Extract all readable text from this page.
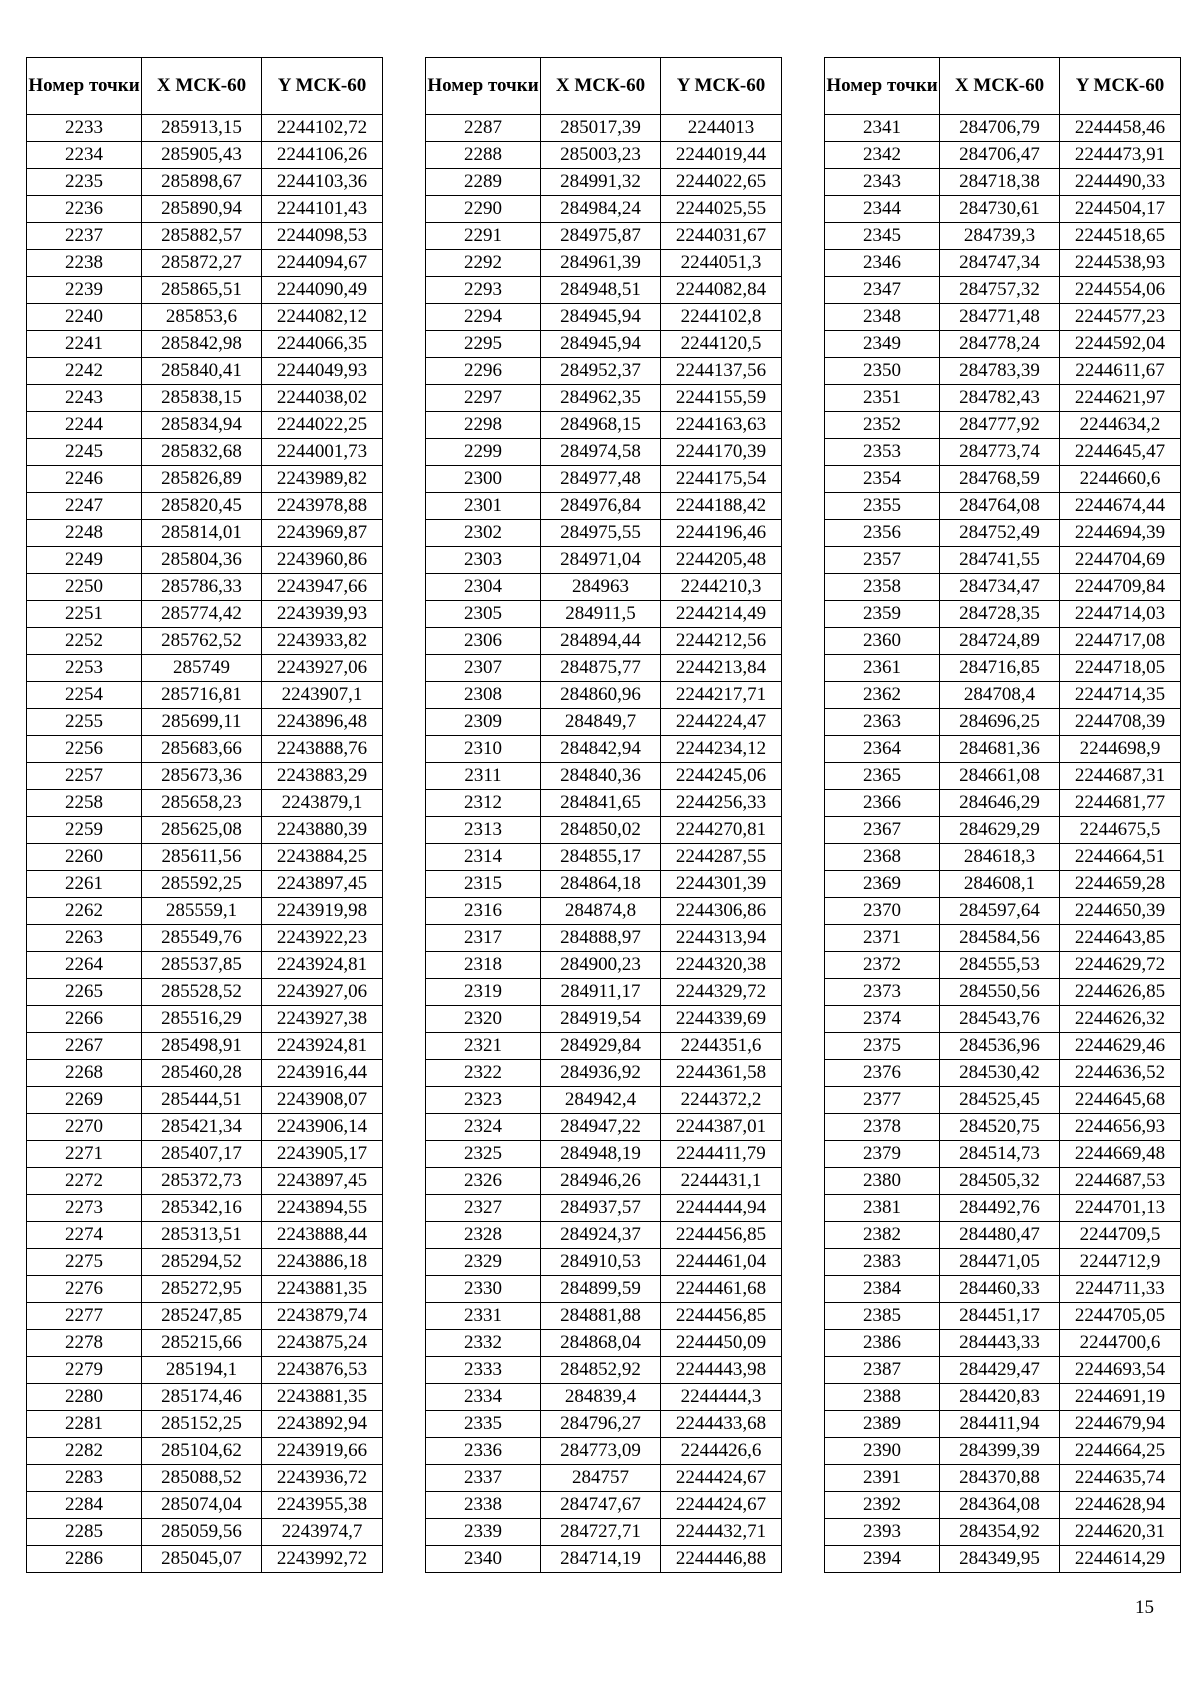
Номер точки	X МСК-60	Y МСК-60
2233	285913,15	2244102,72
2234	285905,43	2244106,26
2235	285898,67	2244103,36
2236	285890,94	2244101,43
2237	285882,57	2244098,53
2238	285872,27	2244094,67
2239	285865,51	2244090,49
2240	285853,6	2244082,12
2241	285842,98	2244066,35
2242	285840,41	2244049,93
2243	285838,15	2244038,02
2244	285834,94	2244022,25
2245	285832,68	2244001,73
2246	285826,89	2243989,82
2247	285820,45	2243978,88
2248	285814,01	2243969,87
2249	285804,36	2243960,86
2250	285786,33	2243947,66
2251	285774,42	2243939,93
2252	285762,52	2243933,82
2253	285749	2243927,06
2254	285716,81	2243907,1
2255	285699,11	2243896,48
2256	285683,66	2243888,76
2257	285673,36	2243883,29
2258	285658,23	2243879,1
2259	285625,08	2243880,39
2260	285611,56	2243884,25
2261	285592,25	2243897,45
2262	285559,1	2243919,98
2263	285549,76	2243922,23
2264	285537,85	2243924,81
2265	285528,52	2243927,06
2266	285516,29	2243927,38
2267	285498,91	2243924,81
2268	285460,28	2243916,44
2269	285444,51	2243908,07
2270	285421,34	2243906,14
2271	285407,17	2243905,17
2272	285372,73	2243897,45
2273	285342,16	2243894,55
2274	285313,51	2243888,44
2275	285294,52	2243886,18
2276	285272,95	2243881,35
2277	285247,85	2243879,74
2278	285215,66	2243875,24
2279	285194,1	2243876,53
2280	285174,46	2243881,35
2281	285152,25	2243892,94
2282	285104,62	2243919,66
2283	285088,52	2243936,72
2284	285074,04	2243955,38
2285	285059,56	2243974,7
2286	285045,07	2243992,72
Номер точки	X МСК-60	Y МСК-60
2287	285017,39	2244013
2288	285003,23	2244019,44
2289	284991,32	2244022,65
2290	284984,24	2244025,55
2291	284975,87	2244031,67
2292	284961,39	2244051,3
2293	284948,51	2244082,84
2294	284945,94	2244102,8
2295	284945,94	2244120,5
2296	284952,37	2244137,56
2297	284962,35	2244155,59
2298	284968,15	2244163,63
2299	284974,58	2244170,39
2300	284977,48	2244175,54
2301	284976,84	2244188,42
2302	284975,55	2244196,46
2303	284971,04	2244205,48
2304	284963	2244210,3
2305	284911,5	2244214,49
2306	284894,44	2244212,56
2307	284875,77	2244213,84
2308	284860,96	2244217,71
2309	284849,7	2244224,47
2310	284842,94	2244234,12
2311	284840,36	2244245,06
2312	284841,65	2244256,33
2313	284850,02	2244270,81
2314	284855,17	2244287,55
2315	284864,18	2244301,39
2316	284874,8	2244306,86
2317	284888,97	2244313,94
2318	284900,23	2244320,38
2319	284911,17	2244329,72
2320	284919,54	2244339,69
2321	284929,84	2244351,6
2322	284936,92	2244361,58
2323	284942,4	2244372,2
2324	284947,22	2244387,01
2325	284948,19	2244411,79
2326	284946,26	2244431,1
2327	284937,57	2244444,94
2328	284924,37	2244456,85
2329	284910,53	2244461,04
2330	284899,59	2244461,68
2331	284881,88	2244456,85
2332	284868,04	2244450,09
2333	284852,92	2244443,98
2334	284839,4	2244444,3
2335	284796,27	2244433,68
2336	284773,09	2244426,6
2337	284757	2244424,67
2338	284747,67	2244424,67
2339	284727,71	2244432,71
2340	284714,19	2244446,88
Номер точки	X МСК-60	Y МСК-60
2341	284706,79	2244458,46
2342	284706,47	2244473,91
2343	284718,38	2244490,33
2344	284730,61	2244504,17
2345	284739,3	2244518,65
2346	284747,34	2244538,93
2347	284757,32	2244554,06
2348	284771,48	2244577,23
2349	284778,24	2244592,04
2350	284783,39	2244611,67
2351	284782,43	2244621,97
2352	284777,92	2244634,2
2353	284773,74	2244645,47
2354	284768,59	2244660,6
2355	284764,08	2244674,44
2356	284752,49	2244694,39
2357	284741,55	2244704,69
2358	284734,47	2244709,84
2359	284728,35	2244714,03
2360	284724,89	2244717,08
2361	284716,85	2244718,05
2362	284708,4	2244714,35
2363	284696,25	2244708,39
2364	284681,36	2244698,9
2365	284661,08	2244687,31
2366	284646,29	2244681,77
2367	284629,29	2244675,5
2368	284618,3	2244664,51
2369	284608,1	2244659,28
2370	284597,64	2244650,39
2371	284584,56	2244643,85
2372	284555,53	2244629,72
2373	284550,56	2244626,85
2374	284543,76	2244626,32
2375	284536,96	2244629,46
2376	284530,42	2244636,52
2377	284525,45	2244645,68
2378	284520,75	2244656,93
2379	284514,73	2244669,48
2380	284505,32	2244687,53
2381	284492,76	2244701,13
2382	284480,47	2244709,5
2383	284471,05	2244712,9
2384	284460,33	2244711,33
2385	284451,17	2244705,05
2386	284443,33	2244700,6
2387	284429,47	2244693,54
2388	284420,83	2244691,19
2389	284411,94	2244679,94
2390	284399,39	2244664,25
2391	284370,88	2244635,74
2392	284364,08	2244628,94
2393	284354,92	2244620,31
2394	284349,95	2244614,29
15
